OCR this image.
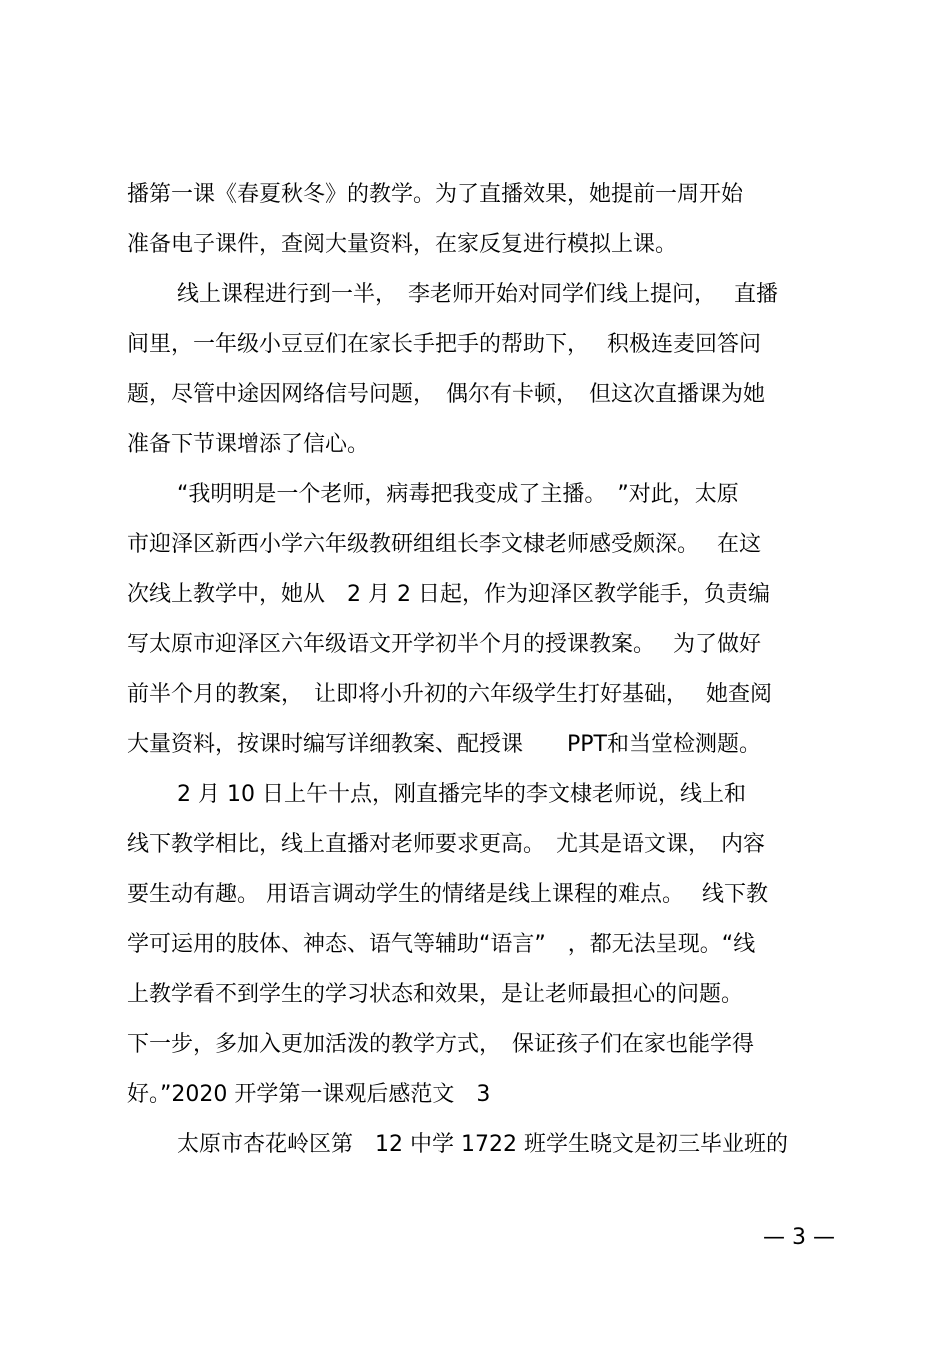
播第一课《春夏秋冬》的教学。为了直播效果，她提前一周开始
准备电子课件，查阅大量资料，在家反复进行模拟上课。
线上课程进行到一半，　李老师开始对同学们线上提问，　 直播
间里，一年级小豆豆们在家长手把手的帮助下，　 积极连麦回答问
题，尽管中途因网络信号问题，　偶尔有卡顿，　但这次直播课为她
准备下节课增添了信心。
“我明明是一个老师，病毒把我变成了主播。　”对此，太原
市迎泽区新西小学六年级教研组组长李文棣老师感受颇深。　 在这
次线上教学中，她从　2 月 2 日起，作为迎泽区教学能手，负责编
写太原市迎泽区六年级语文开学初半个月的授课教案。　 为了做好
前半个月的教案，　让即将小升初的六年级学生打好基础，　 她查阅
大量资料，按课时编写详细教案、配授课　　PPT和当堂检测题。
2 月 10 日上午十点，刚直播完毕的李文棣老师说，线上和
线下教学相比，线上直播对老师要求更高。　尤其是语文课，　内容
要生动有趣。 用语言调动学生的情绪是线上课程的难点。　 线下教
学可运用的肢体、神态、语气等辅助“语言”　，都无法呈现。“线
上教学看不到学生的学习状态和效果，是让老师最担心的问题。
下一步，多加入更加活泼的教学方式，　保证孩子们在家也能学得
好。”2020 开学第一课观后感范文　3
太原市杏花岭区第　12 中学 1722 班学生晓文是初三毕业班的
— 3 —
